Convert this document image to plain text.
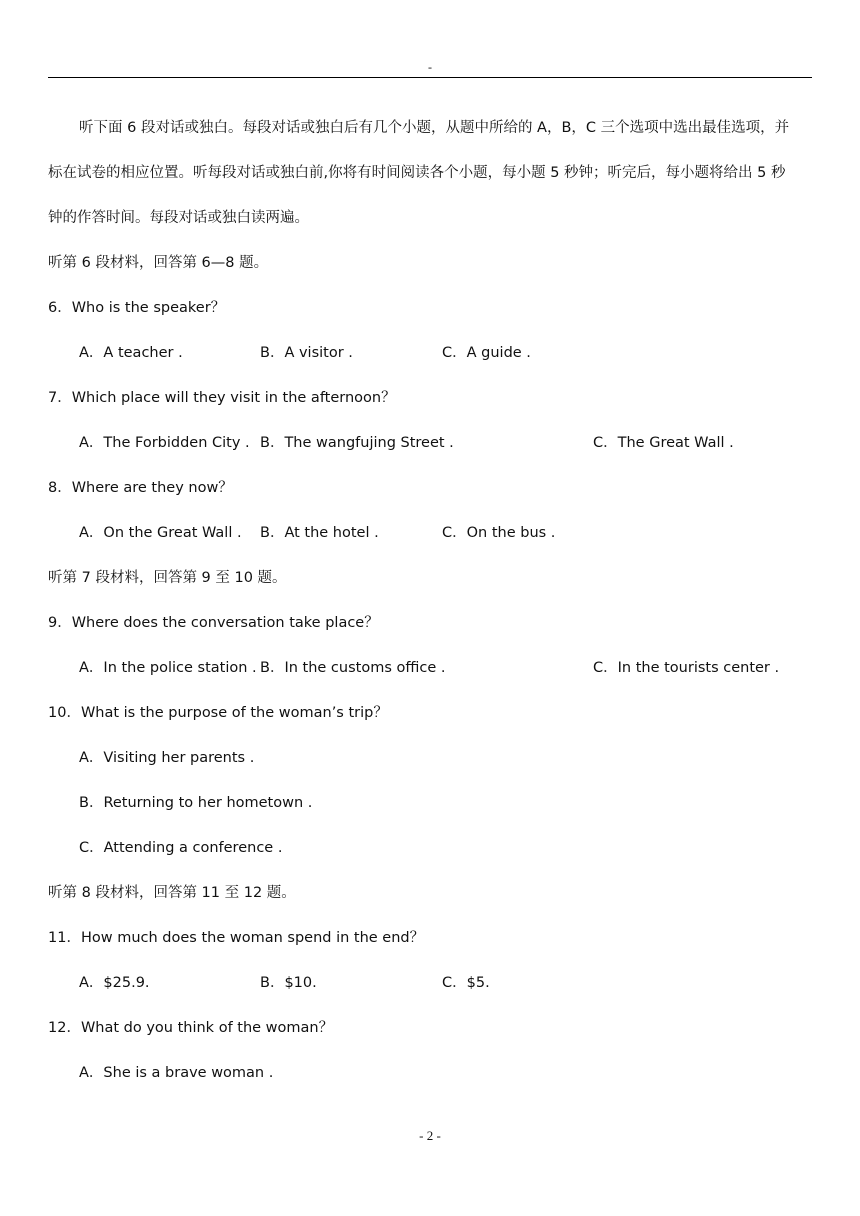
-
听下面 6 段对话或独白。每段对话或独白后有几个小题，从题中所给的 A，B，C 三个选项中选出最佳选项，并
标在试卷的相应位置。听每段对话或独白前,你将有时间阅读各个小题，每小题 5 秒钟；听完后，每小题将给出 5 秒
钟的作答时间。每段对话或独白读两遍。
听第 6 段材料，回答第 6—8 题。
6．Who is the speaker？
A．A teacher .	B．A visitor .	C．A guide .
7．Which place will they visit in the afternoon？
A．The Forbidden City . B．The wangfujing Street .	C．The Great Wall .
8．Where are they now？
A．On the Great Wall . B．At the hotel .	C．On the bus .
听第 7 段材料，回答第 9 至 10 题。
9．Where does the conversation take place？
A．In the police station . B．In the customs office .	C．In the tourists center .
10．What is the purpose of the woman’s trip？
A．Visiting her parents .
B．Returning to her hometown .
C．Attending a conference .
听第 8 段材料，回答第 11 至 12 题。
11．How much does the woman spend in the end？
A．$25.9.	B．$10.	C．$5.
12．What do you think of the woman？
A．She is a brave woman .
- 2 -
